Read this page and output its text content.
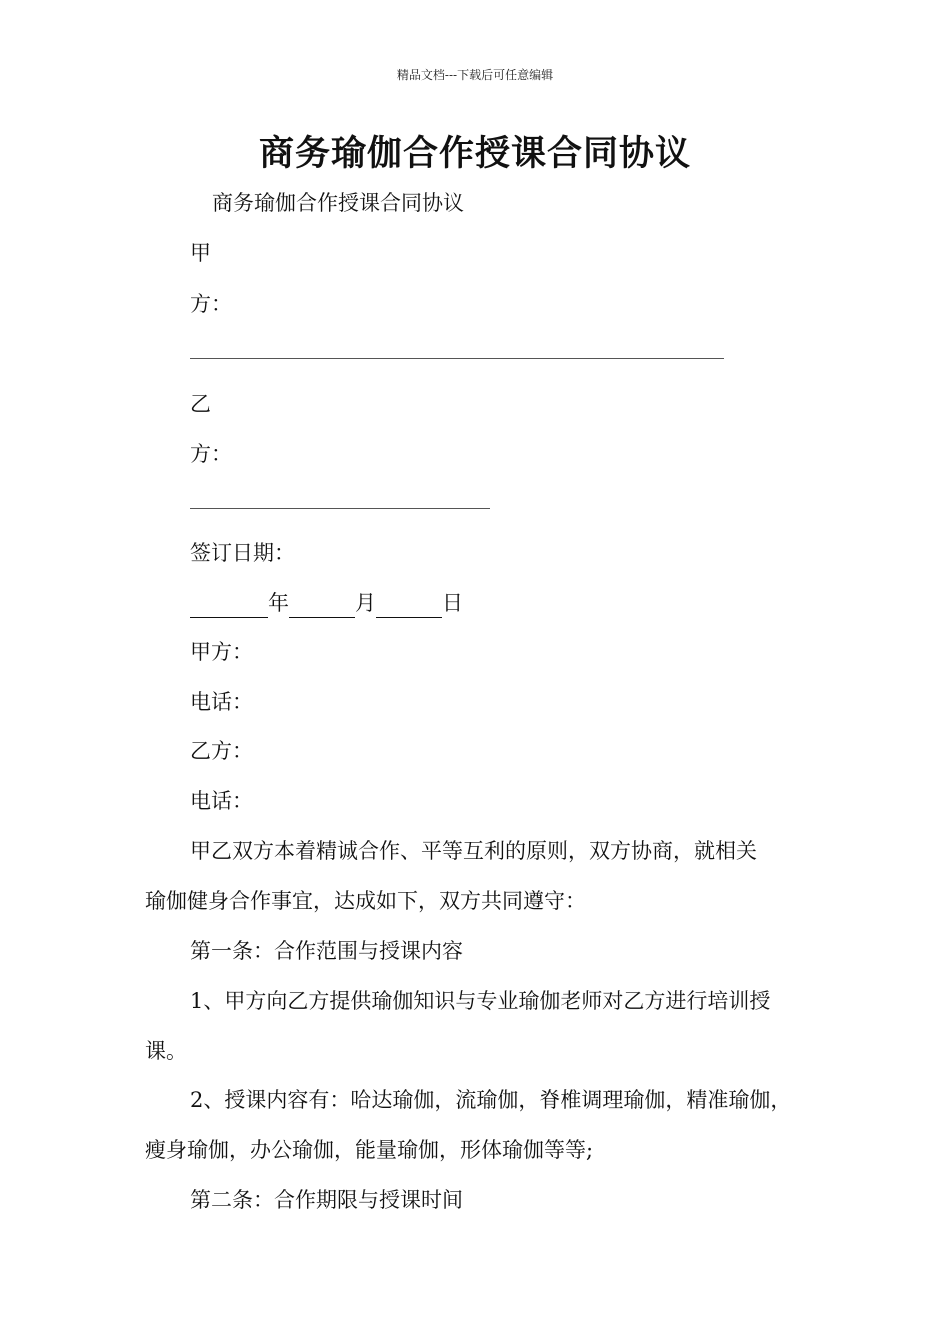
精品文档---下载后可任意编辑
商务瑜伽合作授课合同协议
商务瑜伽合作授课合同协议
甲
方：
乙
方：
签订日期：
年	月	日
甲方：
电话：
乙方：
电话：
甲乙双方本着精诚合作、平等互利的原则，双方协商，就相关
瑜伽健身合作事宜，达成如下，双方共同遵守：
第一条：合作范围与授课内容
1、甲方向乙方提供瑜伽知识与专业瑜伽老师对乙方进行培训授
课。
2、授课内容有：哈达瑜伽，流瑜伽，脊椎调理瑜伽，精准瑜伽，
瘦身瑜伽，办公瑜伽，能量瑜伽，形体瑜伽等等;
第二条：合作期限与授课时间
